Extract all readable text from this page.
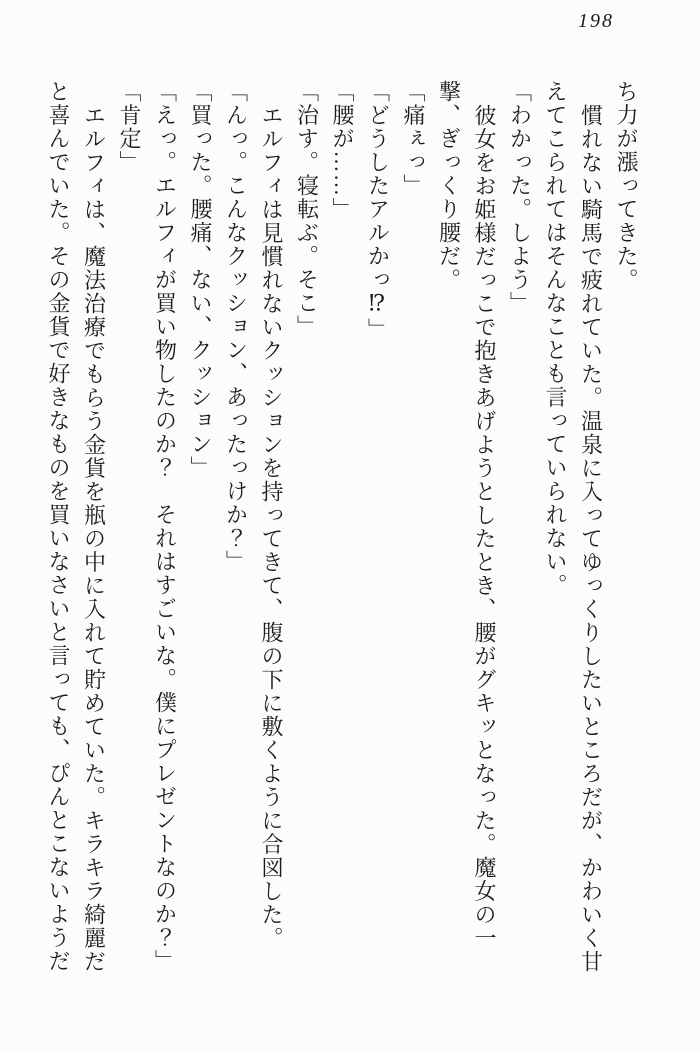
198

ち力が漲ってきた。

慣れない騎馬で疲れていた。温泉に入ってゆっくりしたいところだが、かわいく甘えてこられてはそんなことも言っていられない。

「わかった。しよう」

彼女をお姫様だっこで抱きあげようとしたとき、腰がグキッとなった。魔女の一撃、ぎっくり腰だ。

「痛ぇっ」

「どうしたアルかっ⁉」

「腰が……」

「治す。寝転ぶ。そこ」

エルフィは見慣れないクッションを持ってきて、腹の下に敷くように合図した。

「んっ。こんなクッション、あったっけか？」

「買った。腰痛、ない、クッション」

「えっ。エルフィが買い物したのか？　それはすごいな。僕にプレゼントなのか？」

「肯定」

エルフィは、魔法治療でもらう金貨を瓶の中に入れて貯めていた。キラキラ綺麗だと喜んでいた。その金貨で好きなものを買いなさいと言っても、ぴんとこないようだ
